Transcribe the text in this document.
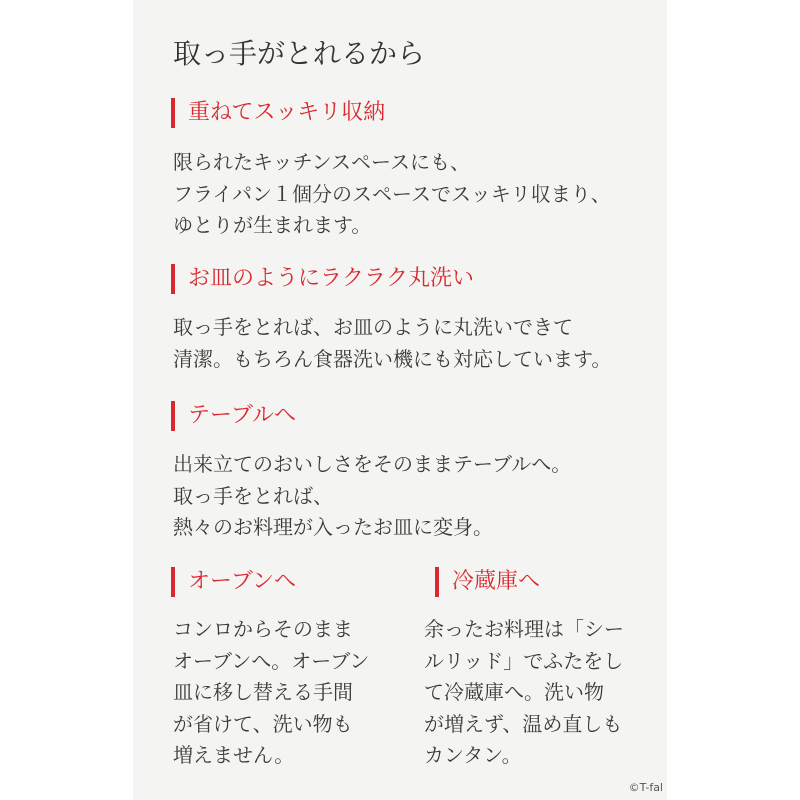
取っ手がとれるから
重ねてスッキリ収納
限られたキッチンスペースにも、
フライパン１個分のスペースでスッキリ収まり、
ゆとりが生まれます。
お皿のようにラクラク丸洗い
取っ手をとれば、お皿のように丸洗いできて
清潔。もちろん食器洗い機にも対応しています。
テーブルへ
出来立てのおいしさをそのままテーブルへ。
取っ手をとれば、
熱々のお料理が入ったお皿に変身。
オーブンへ
コンロからそのまま
オーブンへ。オーブン
皿に移し替える手間
が省けて、洗い物も
増えません。
冷蔵庫へ
余ったお料理は「シー
ルリッド」でふたをし
て冷蔵庫へ。洗い物
が増えず、温め直しも
カンタン。
©T-fal
